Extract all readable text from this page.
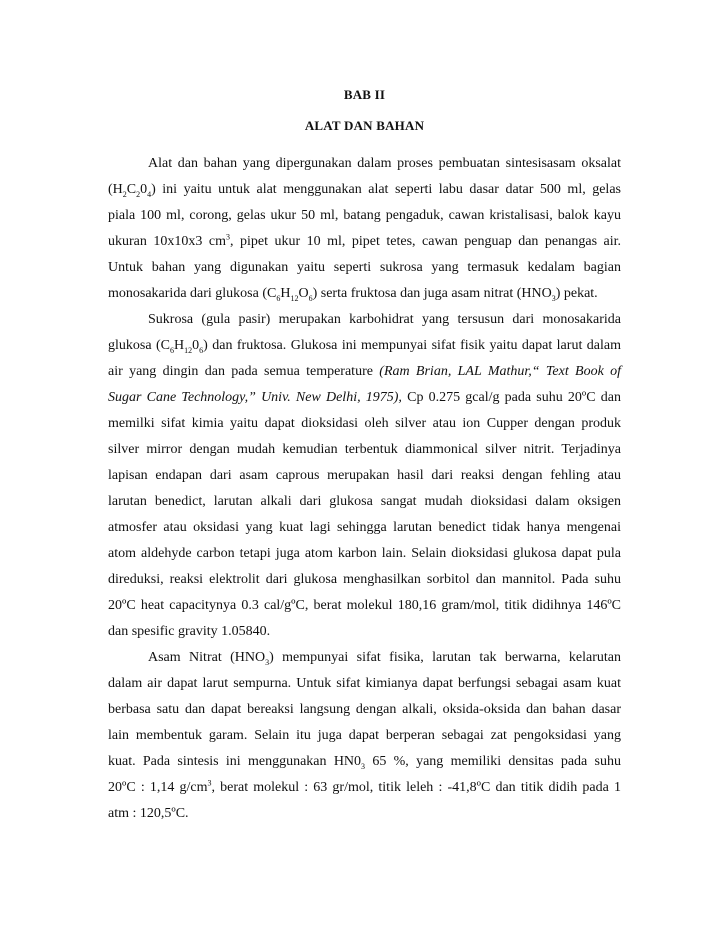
BAB II
ALAT DAN BAHAN

Alat dan bahan yang dipergunakan dalam proses pembuatan sintesisasam oksalat
$(H_2C_20_4)$ ini yaitu untuk alat menggunakan alat seperti labu dasar datar 500 ml, gelas
piala 100 ml, corong, gelas ukur 50 ml, batang pengaduk, cawan kristalisasi, balok kayu
ukuran 10x10x3 $cm^3$, pipet ukur 10 ml, pipet tetes, cawan penguap dan penangas air.
Untuk bahan yang digunakan yaitu seperti sukrosa yang termasuk kedalam bagian
monosakarida dari glukosa $(C_6H_{12}O_6)$ serta fruktosa dan juga asam nitrat $(HNO_3)$ pekat.

Sukrosa (gula pasir) merupakan karbohidrat yang tersusun dari monosakarida
glukosa $(C_6H_{12}0_6)$ dan fruktosa. Glukosa ini mempunyai sifat fisik yaitu dapat larut dalam
air yang dingin dan pada semua temperature (Ram Brian, LAL Mathur,“ Text Book of
Sugar Cane Technology,” Univ. New Delhi, 1975), Cp 0.275 gcal/g pada suhu 20ºC dan
memilki sifat kimia yaitu dapat dioksidasi oleh silver atau ion Cupper dengan produk
silver mirror dengan mudah kemudian terbentuk diammonical silver nitrit. Terjadinya
lapisan endapan dari asam caprous merupakan hasil dari reaksi dengan fehling atau
larutan benedict, larutan alkali dari glukosa sangat mudah dioksidasi dalam oksigen
atmosfer atau oksidasi yang kuat lagi sehingga larutan benedict tidak hanya mengenai
atom aldehyde carbon tetapi juga atom karbon lain. Selain dioksidasi glukosa dapat pula
direduksi, reaksi elektrolit dari glukosa menghasilkan sorbitol dan mannitol. Pada suhu
20ºC heat capacitynya 0.3 cal/gºC, berat molekul 180,16 gram/mol, titik didihnya 146ºC
dan spesific gravity 1.05840.

Asam Nitrat $(HNO_3)$ mempunyai sifat fisika, larutan tak berwarna, kelarutan
dalam air dapat larut sempurna. Untuk sifat kimianya dapat berfungsi sebagai asam kuat
berbasa satu dan dapat bereaksi langsung dengan alkali, oksida-oksida dan bahan dasar
lain membentuk garam. Selain itu juga dapat berperan sebagai zat pengoksidasi yang
kuat. Pada sintesis ini menggunakan $HN0_3$ 65 %, yang memiliki densitas pada suhu
20ºC : 1,14 $g/cm^3$, berat molekul : 63 gr/mol, titik leleh : -41,8ºC dan titik didih pada 1
atm : 120,5ºC.
